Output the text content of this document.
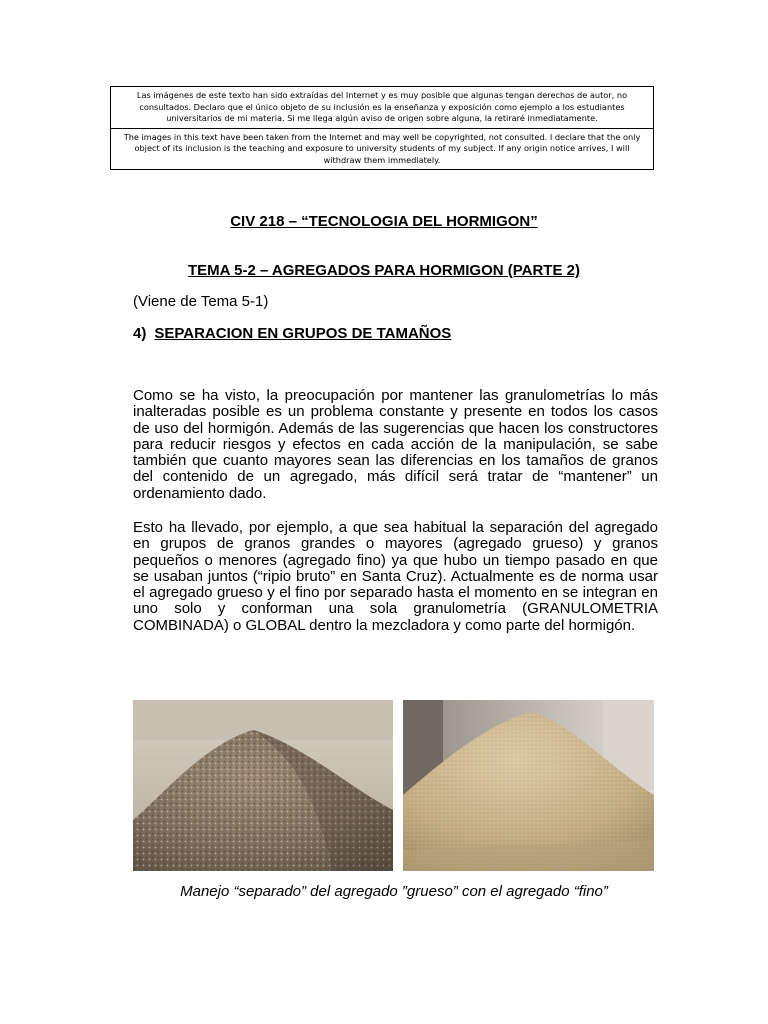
Las imágenes de este texto han sido extraídas del Internet y es muy posible que algunas tengan derechos de autor, no consultados. Declaro que el único objeto de su inclusión es la enseñanza y exposición como ejemplo a los estudiantes universitarios de mi materia. Si me llega algún aviso de origen sobre alguna, la retiraré inmediatamente.
The images in this text have been taken from the Internet and may well be copyrighted, not consulted. I declare that the only object of its inclusion is the teaching and exposure to university students of my subject. If any origin notice arrives, I will withdraw them immediately.
CIV 218 – “TECNOLOGIA DEL HORMIGON”
TEMA 5-2 – AGREGADOS PARA HORMIGON (PARTE 2)
(Viene de Tema 5-1)
4) SEPARACION EN GRUPOS DE TAMAÑOS

Como se ha visto, la preocupación por mantener las granulometrías lo más inalteradas posible es un problema constante y presente en todos los casos de uso del hormigón. Además de las sugerencias que hacen los constructores para reducir riesgos y efectos en cada acción de la manipulación, se sabe también que cuanto mayores sean las diferencias en los tamaños de granos del contenido de un agregado, más difícil será tratar de “mantener” un ordenamiento dado.

Esto ha llevado, por ejemplo, a que sea habitual la separación del agregado en grupos de granos grandes o mayores (agregado grueso) y granos pequeños o menores (agregado fino) ya que hubo un tiempo pasado en que se usaban juntos (“ripio bruto” en Santa Cruz). Actualmente es de norma usar el agregado grueso y el fino por separado hasta el momento en se integran en uno solo y conforman una sola granulometría (GRANULOMETRIA COMBINADA) o GLOBAL dentro la mezcladora y como parte del hormigón.

Manejo “separado” del agregado ”grueso” con el agregado “fino”
